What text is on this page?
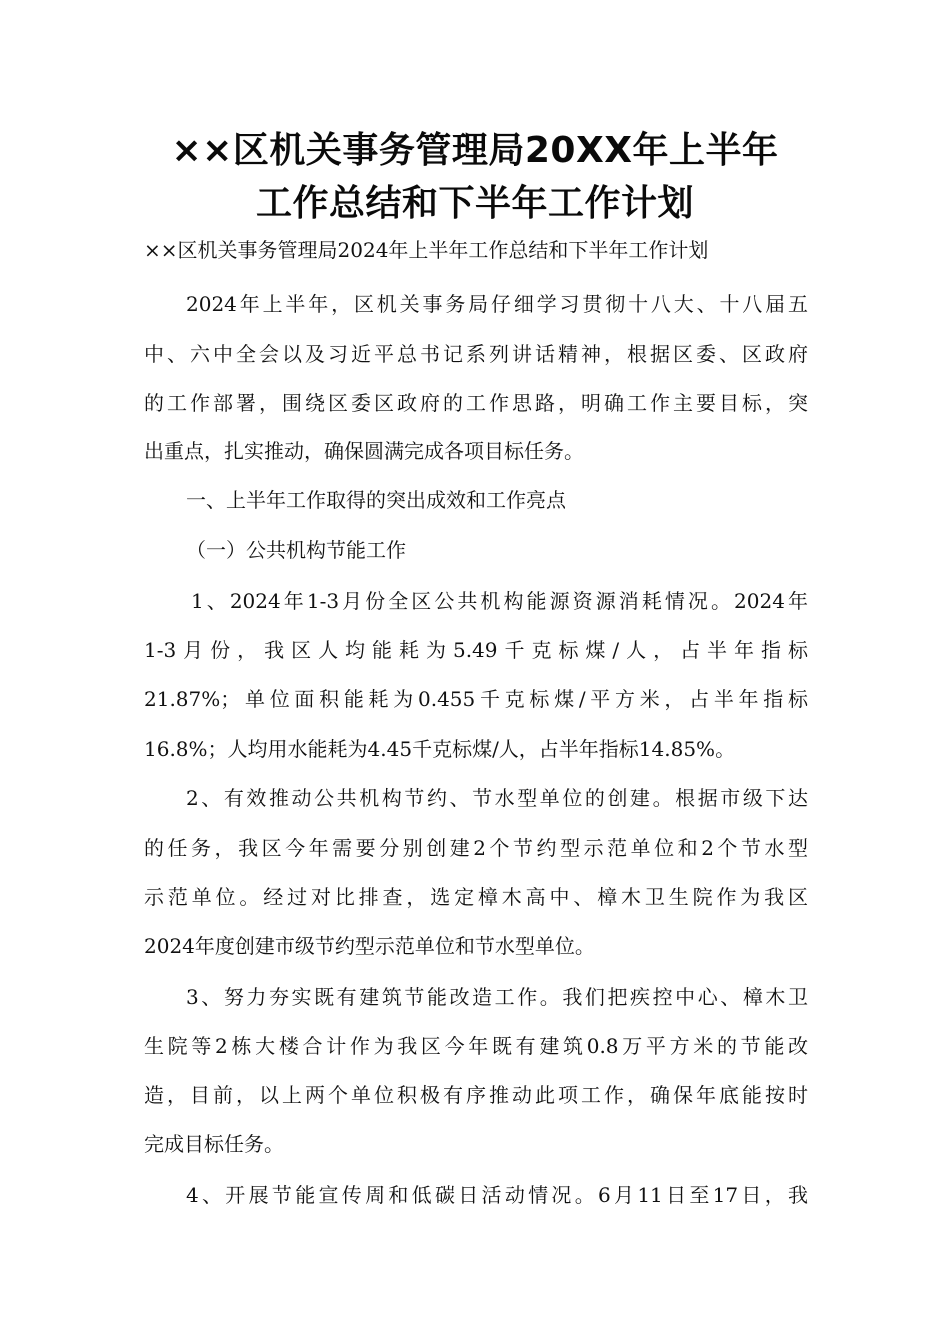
××区机关事务管理局20XX年上半年
工作总结和下半年工作计划
××区机关事务管理局2024年上半年工作总结和下半年工作计划
2024年上半年，区机关事务局仔细学习贯彻十八大、十八届五
中、六中全会以及习近平总书记系列讲话精神，根据区委、区政府
的工作部署，围绕区委区政府的工作思路，明确工作主要目标，突
出重点，扎实推动，确保圆满完成各项目标任务。
一、上半年工作取得的突出成效和工作亮点
（一）公共机构节能工作
1、2024年1-3月份全区公共机构能源资源消耗情况。2024年
1-3月份，我区人均能耗为5.49千克标煤/人，占半年指标
21.87%；单位面积能耗为0.455千克标煤/平方米，占半年指标
16.8%；人均用水能耗为4.45千克标煤/人，占半年指标14.85%。
2、有效推动公共机构节约、节水型单位的创建。根据市级下达
的任务，我区今年需要分别创建2个节约型示范单位和2个节水型
示范单位。经过对比排查，选定樟木高中、樟木卫生院作为我区
2024年度创建市级节约型示范单位和节水型单位。
3、努力夯实既有建筑节能改造工作。我们把疾控中心、樟木卫
生院等2栋大楼合计作为我区今年既有建筑0.8万平方米的节能改
造，目前，以上两个单位积极有序推动此项工作，确保年底能按时
完成目标任务。
4、开展节能宣传周和低碳日活动情况。6月11日至17日，我
